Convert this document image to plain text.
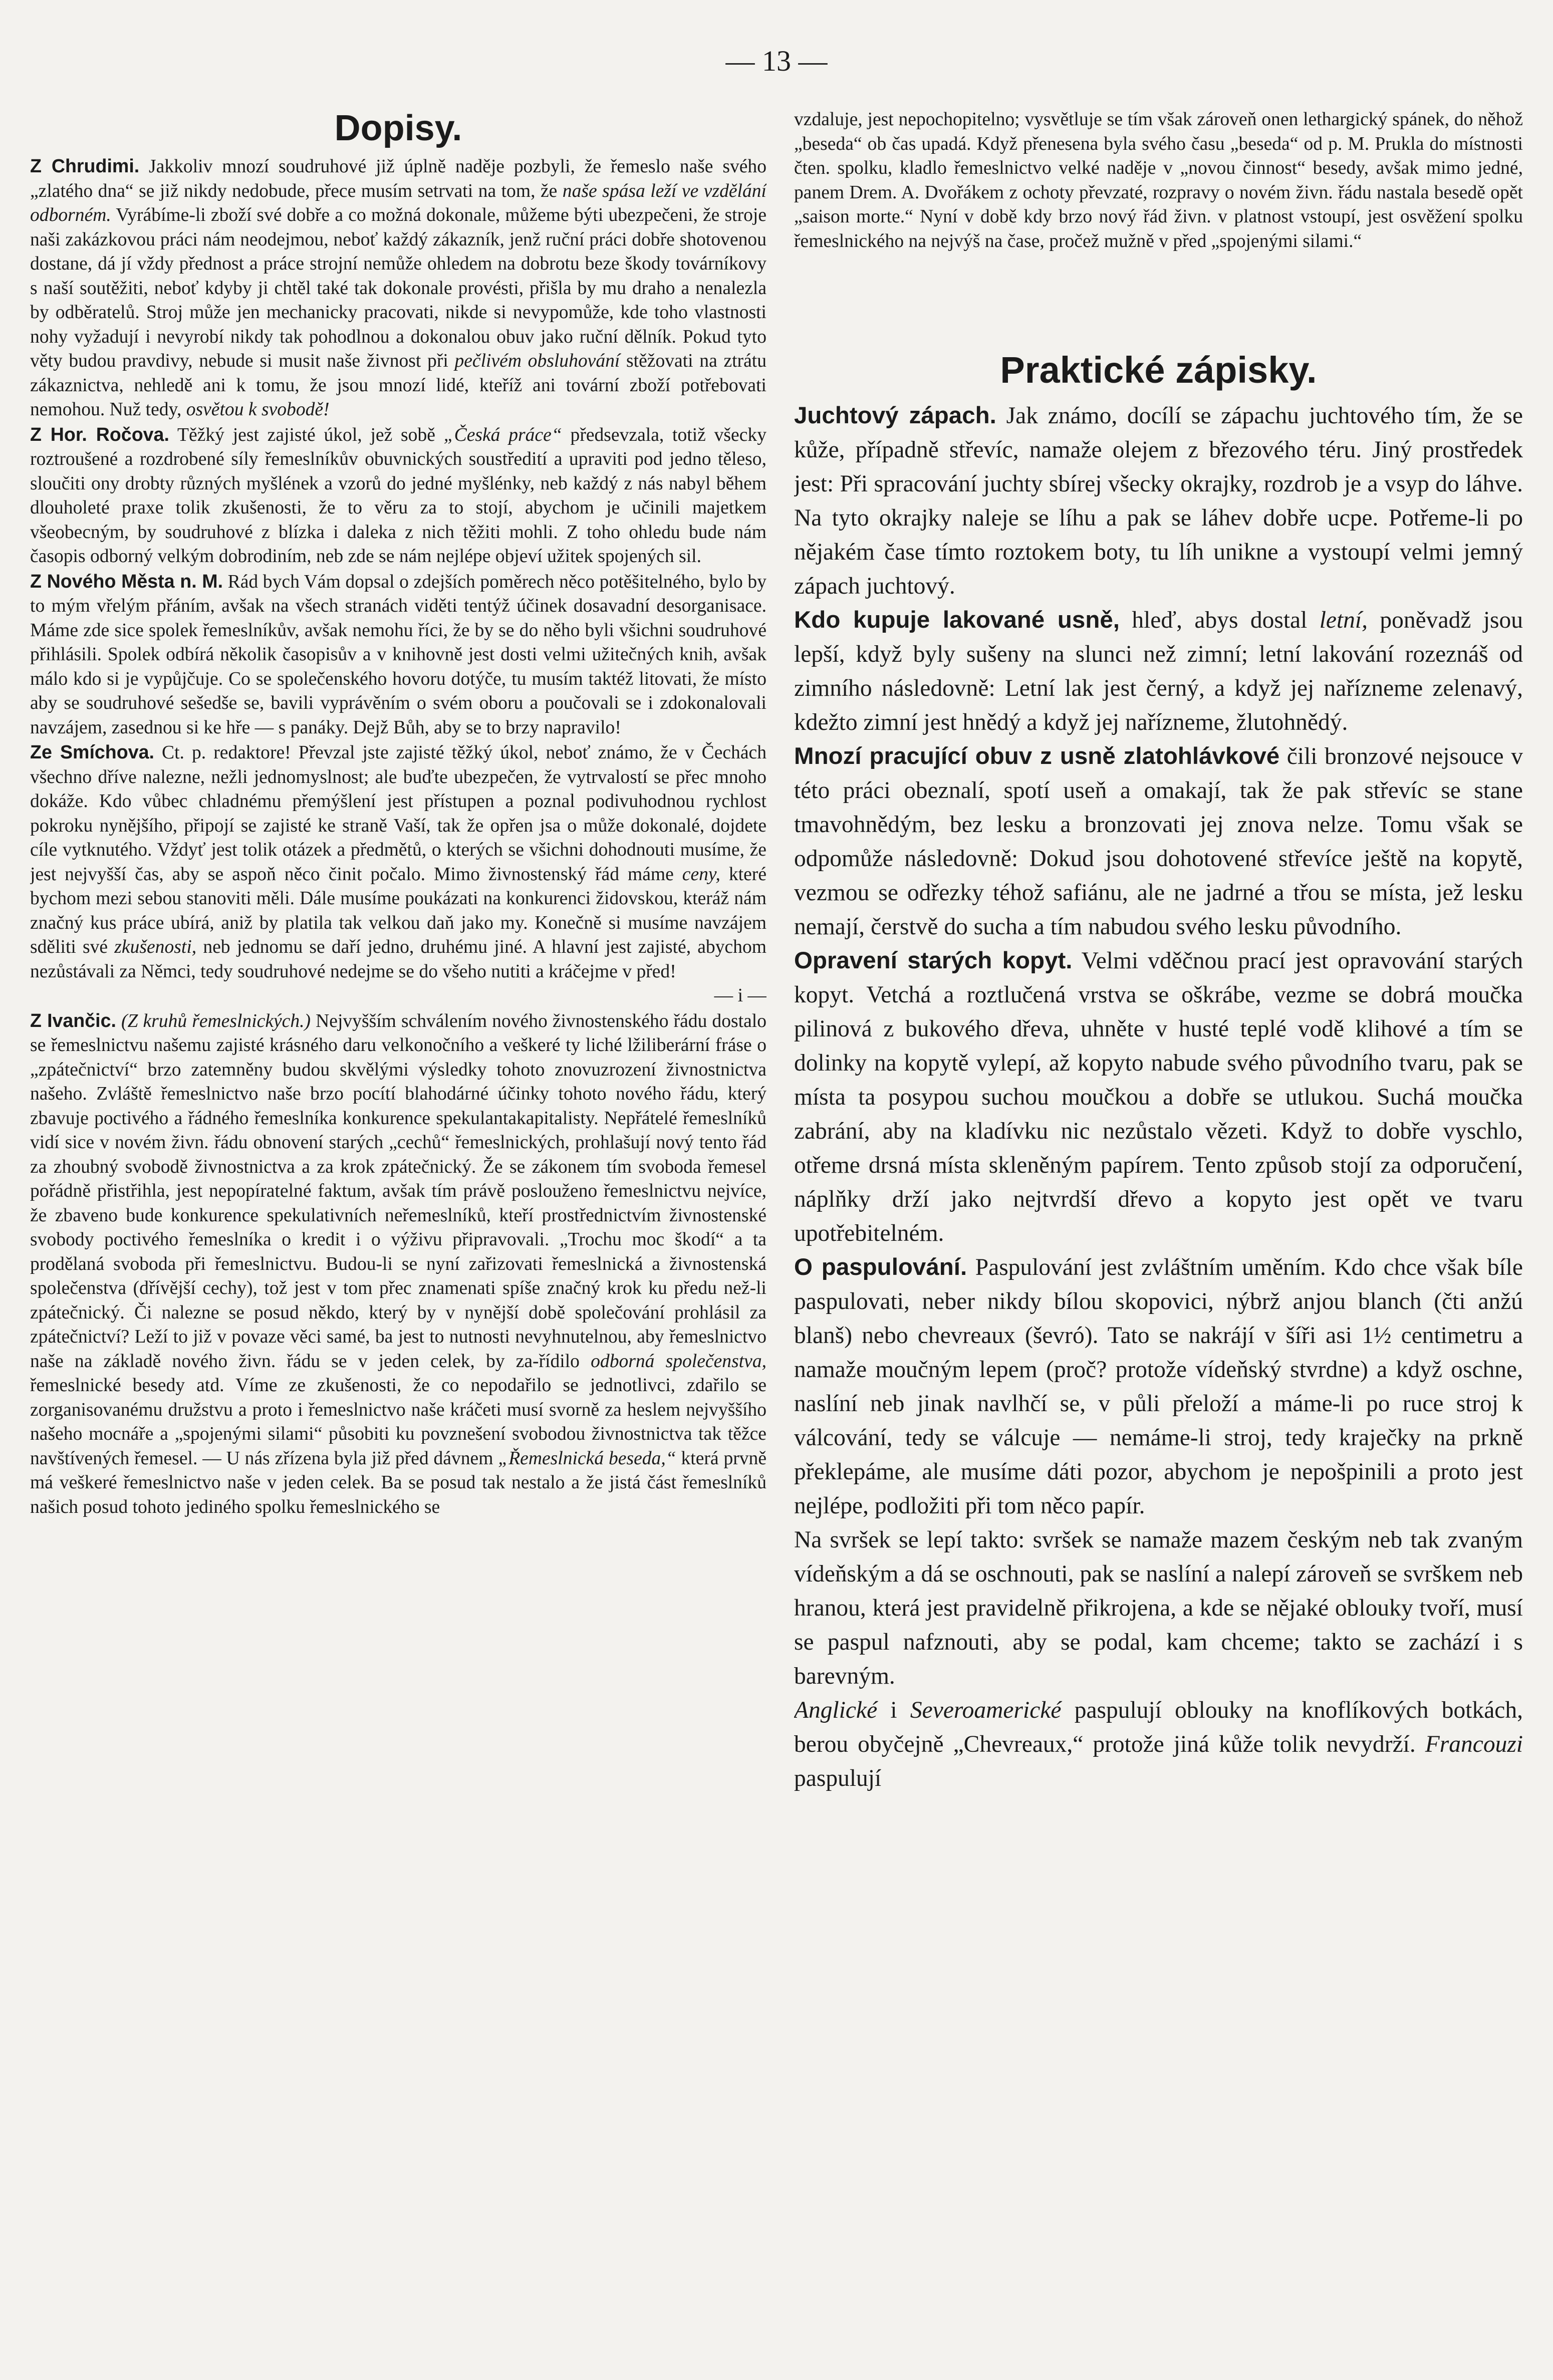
— 13 —
Dopisy.

Z Chrudimi. Jakkoliv mnozí soudruhové již úplně naděje pozbyli, že řemeslo naše svého „zlatého dna“ se již nikdy nedobude, přece musím setrvati na tom, že naše spása leží ve vzdělání odborném. Vyrábíme-li zboží své dobře a co možná dokonale, můžeme býti ubezpečeni, že stroje naši zakázkovou práci nám neodejmou, neboť každý zákazník, jenž ruční práci dobře shotovenou dostane, dá jí vždy přednost a práce strojní nemůže ohledem na dobrotu beze škody továrníkovy s naší soutěžiti, neboť kdyby ji chtěl také tak dokonale provésti, přišla by mu draho a nenalezla by odběratelů. Stroj může jen mechanicky pracovati, nikde si nevypomůže, kde toho vlastnosti nohy vyžadují i nevyrobí nikdy tak pohodlnou a dokonalou obuv jako ruční dělník. Pokud tyto věty budou pravdivy, nebude si musit naše živnost při pečlivém obsluhování stěžovati na ztrátu zákaznictva, nehledě ani k tomu, že jsou mnozí lidé, kteříž ani tovární zboží potřebovati nemohou. Nuž tedy, osvětou k svobodě!

Z Hor. Ročova. Těžký jest zajisté úkol, jež sobě „Česká práce“ předsevzala, totiž všecky roztroušené a rozdrobené síly řemeslníkův obuvnických soustředití a upraviti pod jedno těleso, sloučiti ony drobty různých myšlének a vzorů do jedné myšlénky, neb každý z nás nabyl během dlouholeté praxe tolik zkušenosti, že to věru za to stojí, abychom je učinili majetkem všeobecným, by soudruhové z blízka i daleka z nich těžiti mohli. Z toho ohledu bude nám časopis odborný velkým dobrodiním, neb zde se nám nejlépe objeví užitek spojených sil.

Z Nového Města n. M. Rád bych Vám dopsal o zdejších poměrech něco potěšitelného, bylo by to mým vřelým přáním, avšak na všech stranách viděti tentýž účinek dosavadní desorganisace. Máme zde sice spolek řemeslníkův, avšak nemohu říci, že by se do něho byli všichni soudruhové přihlásili. Spolek odbírá několik časopisův a v knihovně jest dosti velmi užitečných knih, avšak málo kdo si je vypůjčuje. Co se společenského hovoru dotýče, tu musím taktéž litovati, že místo aby se soudruhové sešedše se, bavili vyprávěním o svém oboru a poučovali se i zdokonalovali navzájem, zasednou si ke hře — s panáky. Dejž Bůh, aby se to brzy napravilo!

Ze Smíchova. Ct. p. redaktore! Převzal jste zajisté těžký úkol, neboť známo, že v Čechách všechno dříve nalezne, nežli jednomyslnost; ale buďte ubezpečen, že vytrvalostí se přec mnoho dokáže. Kdo vůbec chladnému přemýšlení jest přístupen a poznal podivuhodnou rychlost pokroku nynějšího, připojí se zajisté ke straně Vaší, tak že opřen jsa o může dokonalé, dojdete cíle vytknutého. Vždyť jest tolik otázek a předmětů, o kterých se všichni dohodnouti musíme, že jest nejvyšší čas, aby se aspoň něco činit počalo. Mimo živnostenský řád máme ceny, které bychom mezi sebou stanoviti měli. Dále musíme poukázati na konkurenci židovskou, kteráž nám značný kus práce ubírá, aniž by platila tak velkou daň jako my. Konečně si musíme navzájem sděliti své zkušenosti, neb jednomu se daří jedno, druhému jiné. A hlavní jest zajisté, abychom nezůstávali za Němci, tedy soudruhové nedejme se do všeho nutiti a kráčejme v před!

— i —

Z Ivančic. (Z kruhů řemeslnických.) Nejvyšším schválením nového živnostenského řádu dostalo se řemeslnictvu našemu zajisté krásného daru velkonočního a veškeré ty liché lžiliberární fráse o „zpátečnictví“ brzo zatemněny budou skvělými výsledky tohoto znovuzrození živnostnictva našeho. Zvláště řemeslnictvo naše brzo pocítí blahodárné účinky tohoto nového řádu, který zbavuje poctivého a řádného řemeslníka konkurence spekulantakapitalisty. Nepřátelé řemeslníků vidí sice v novém živn. řádu obnovení starých „cechů“ řemeslnických, prohlašují nový tento řád za zhoubný svobodě živnostnictva a za krok zpátečnický. Že se zákonem tím svoboda řemesel pořádně přistřihla, jest nepopíratelné faktum, avšak tím právě poslouženo řemeslnictvu nejvíce, že zbaveno bude konkurence spekulativních neřemeslníků, kteří prostřednictvím živnostenské svobody poctivého řemeslníka o kredit i o výživu připravovali. „Trochu moc škodí“ a ta prodělaná svoboda při řemeslnictvu. Budou-li se nyní zařizovati řemeslnická a živnostenská společenstva (dřívější cechy), tož jest v tom přec znamenati spíše značný krok ku předu než-li zpátečnický. Či nalezne se posud někdo, který by v nynější době společování prohlásil za zpátečnictví? Leží to již v povaze věci samé, ba jest to nutnosti nevyhnutelnou, aby řemeslnictvo naše na základě nového živn. řádu se v jeden celek, by za-řídilo odborná společenstva, řemeslnické besedy atd. Víme ze zkušenosti, že co nepodařilo se jednotlivci, zdařilo se zorganisovanému družstvu a proto i řemeslnictvo naše kráčeti musí svorně za heslem nejvyššího našeho mocnáře a „spojenými silami“ působiti ku povznešení svobodou živnostnictva tak těžce navštívených řemesel. — U nás zřízena byla již před dávnem „Řemeslnická beseda,“ která prvně má veškeré řemeslnictvo naše v jeden celek. Ba se posud tak nestalo a že jistá část řemeslníků našich posud tohoto jediného spolku řemeslnického se

vzdaluje, jest nepochopitelno; vysvětluje se tím však zároveň onen lethargický spánek, do něhož „beseda“ ob čas upadá. Když přenesena byla svého času „beseda“ od p. M. Prukla do místnosti čten. spolku, kladlo řemeslnictvo velké naděje v „novou činnost“ besedy, avšak mimo jedné, panem Drem. A. Dvořákem z ochoty převzaté, rozpravy o novém živn. řádu nastala besedě opět „saison morte.“ Nyní v době kdy brzo nový řád živn. v platnost vstoupí, jest osvěžení spolku řemeslnického na nejvýš na čase, pročež mužně v před „spojenými silami.“

Praktické zápisky.

Juchtový zápach. Jak známo, docílí se zápachu juchtového tím, že se kůže, případně střevíc, namaže olejem z březového téru. Jiný prostředek jest: Při spracování juchty sbírej všecky okrajky, rozdrob je a vsyp do láhve. Na tyto okrajky naleje se líhu a pak se láhev dobře ucpe. Potřeme-li po nějakém čase tímto roztokem boty, tu líh unikne a vystoupí velmi jemný zápach juchtový.

Kdo kupuje lakované usně, hleď, abys dostal letní, poněvadž jsou lepší, když byly sušeny na slunci než zimní; letní lakování rozeznáš od zimního následovně: Letní lak jest černý, a když jej nařízneme zelenavý, kdežto zimní jest hnědý a když jej nařízneme, žlutohnědý.

Mnozí pracující obuv z usně zlatohlávkové čili bronzové nejsouce v této práci obeznalí, spotí useň a omakají, tak že pak střevíc se stane tmavohnědým, bez lesku a bronzovati jej znova nelze. Tomu však se odpomůže následovně: Dokud jsou dohotovené střevíce ještě na kopytě, vezmou se odřezky téhož safiánu, ale ne jadrné a třou se místa, jež lesku nemají, čerstvě do sucha a tím nabudou svého lesku původního.

Opravení starých kopyt. Velmi vděčnou prací jest opravování starých kopyt. Vetchá a roztlučená vrstva se oškrábe, vezme se dobrá moučka pilinová z bukového dřeva, uhněte v husté teplé vodě klihové a tím se dolinky na kopytě vylepí, až kopyto nabude svého původního tvaru, pak se místa ta posypou suchou moučkou a dobře se utlukou. Suchá moučka zabrání, aby na kladívku nic nezůstalo vězeti. Když to dobře vyschlo, otřeme drsná místa skleněným papírem. Tento způsob stojí za odporučení, náplňky drží jako nejtvrdší dřevo a kopyto jest opět ve tvaru upotřebitelném.

O paspulování. Paspulování jest zvláštním uměním. Kdo chce však bíle paspulovati, neber nikdy bílou skopovici, nýbrž anjou blanch (čti anžú blanš) nebo chevreaux (ševró). Tato se nakrájí v šíři asi 1½ centimetru a namaže moučným lepem (proč? protože vídeňský stvrdne) a když oschne, naslíní neb jinak navlhčí se, v půli přeloží a máme-li po ruce stroj k válcování, tedy se válcuje — nemáme-li stroj, tedy kraječky na prkně překlepáme, ale musíme dáti pozor, abychom je nepošpinili a proto jest nejlépe, podložiti při tom něco papír.

Na svršek se lepí takto: svršek se namaže mazem českým neb tak zvaným vídeňským a dá se oschnouti, pak se naslíní a nalepí zároveň se svrškem neb hranou, která jest pravidelně přikrojena, a kde se nějaké oblouky tvoří, musí se paspul nafznouti, aby se podal, kam chceme; takto se zachází i s barevným.

Anglické i Severoamerické paspulují oblouky na knoflíkových botkách, berou obyčejně „Chevreaux,“ protože jiná kůže tolik nevydrží. Francouzi paspulují
